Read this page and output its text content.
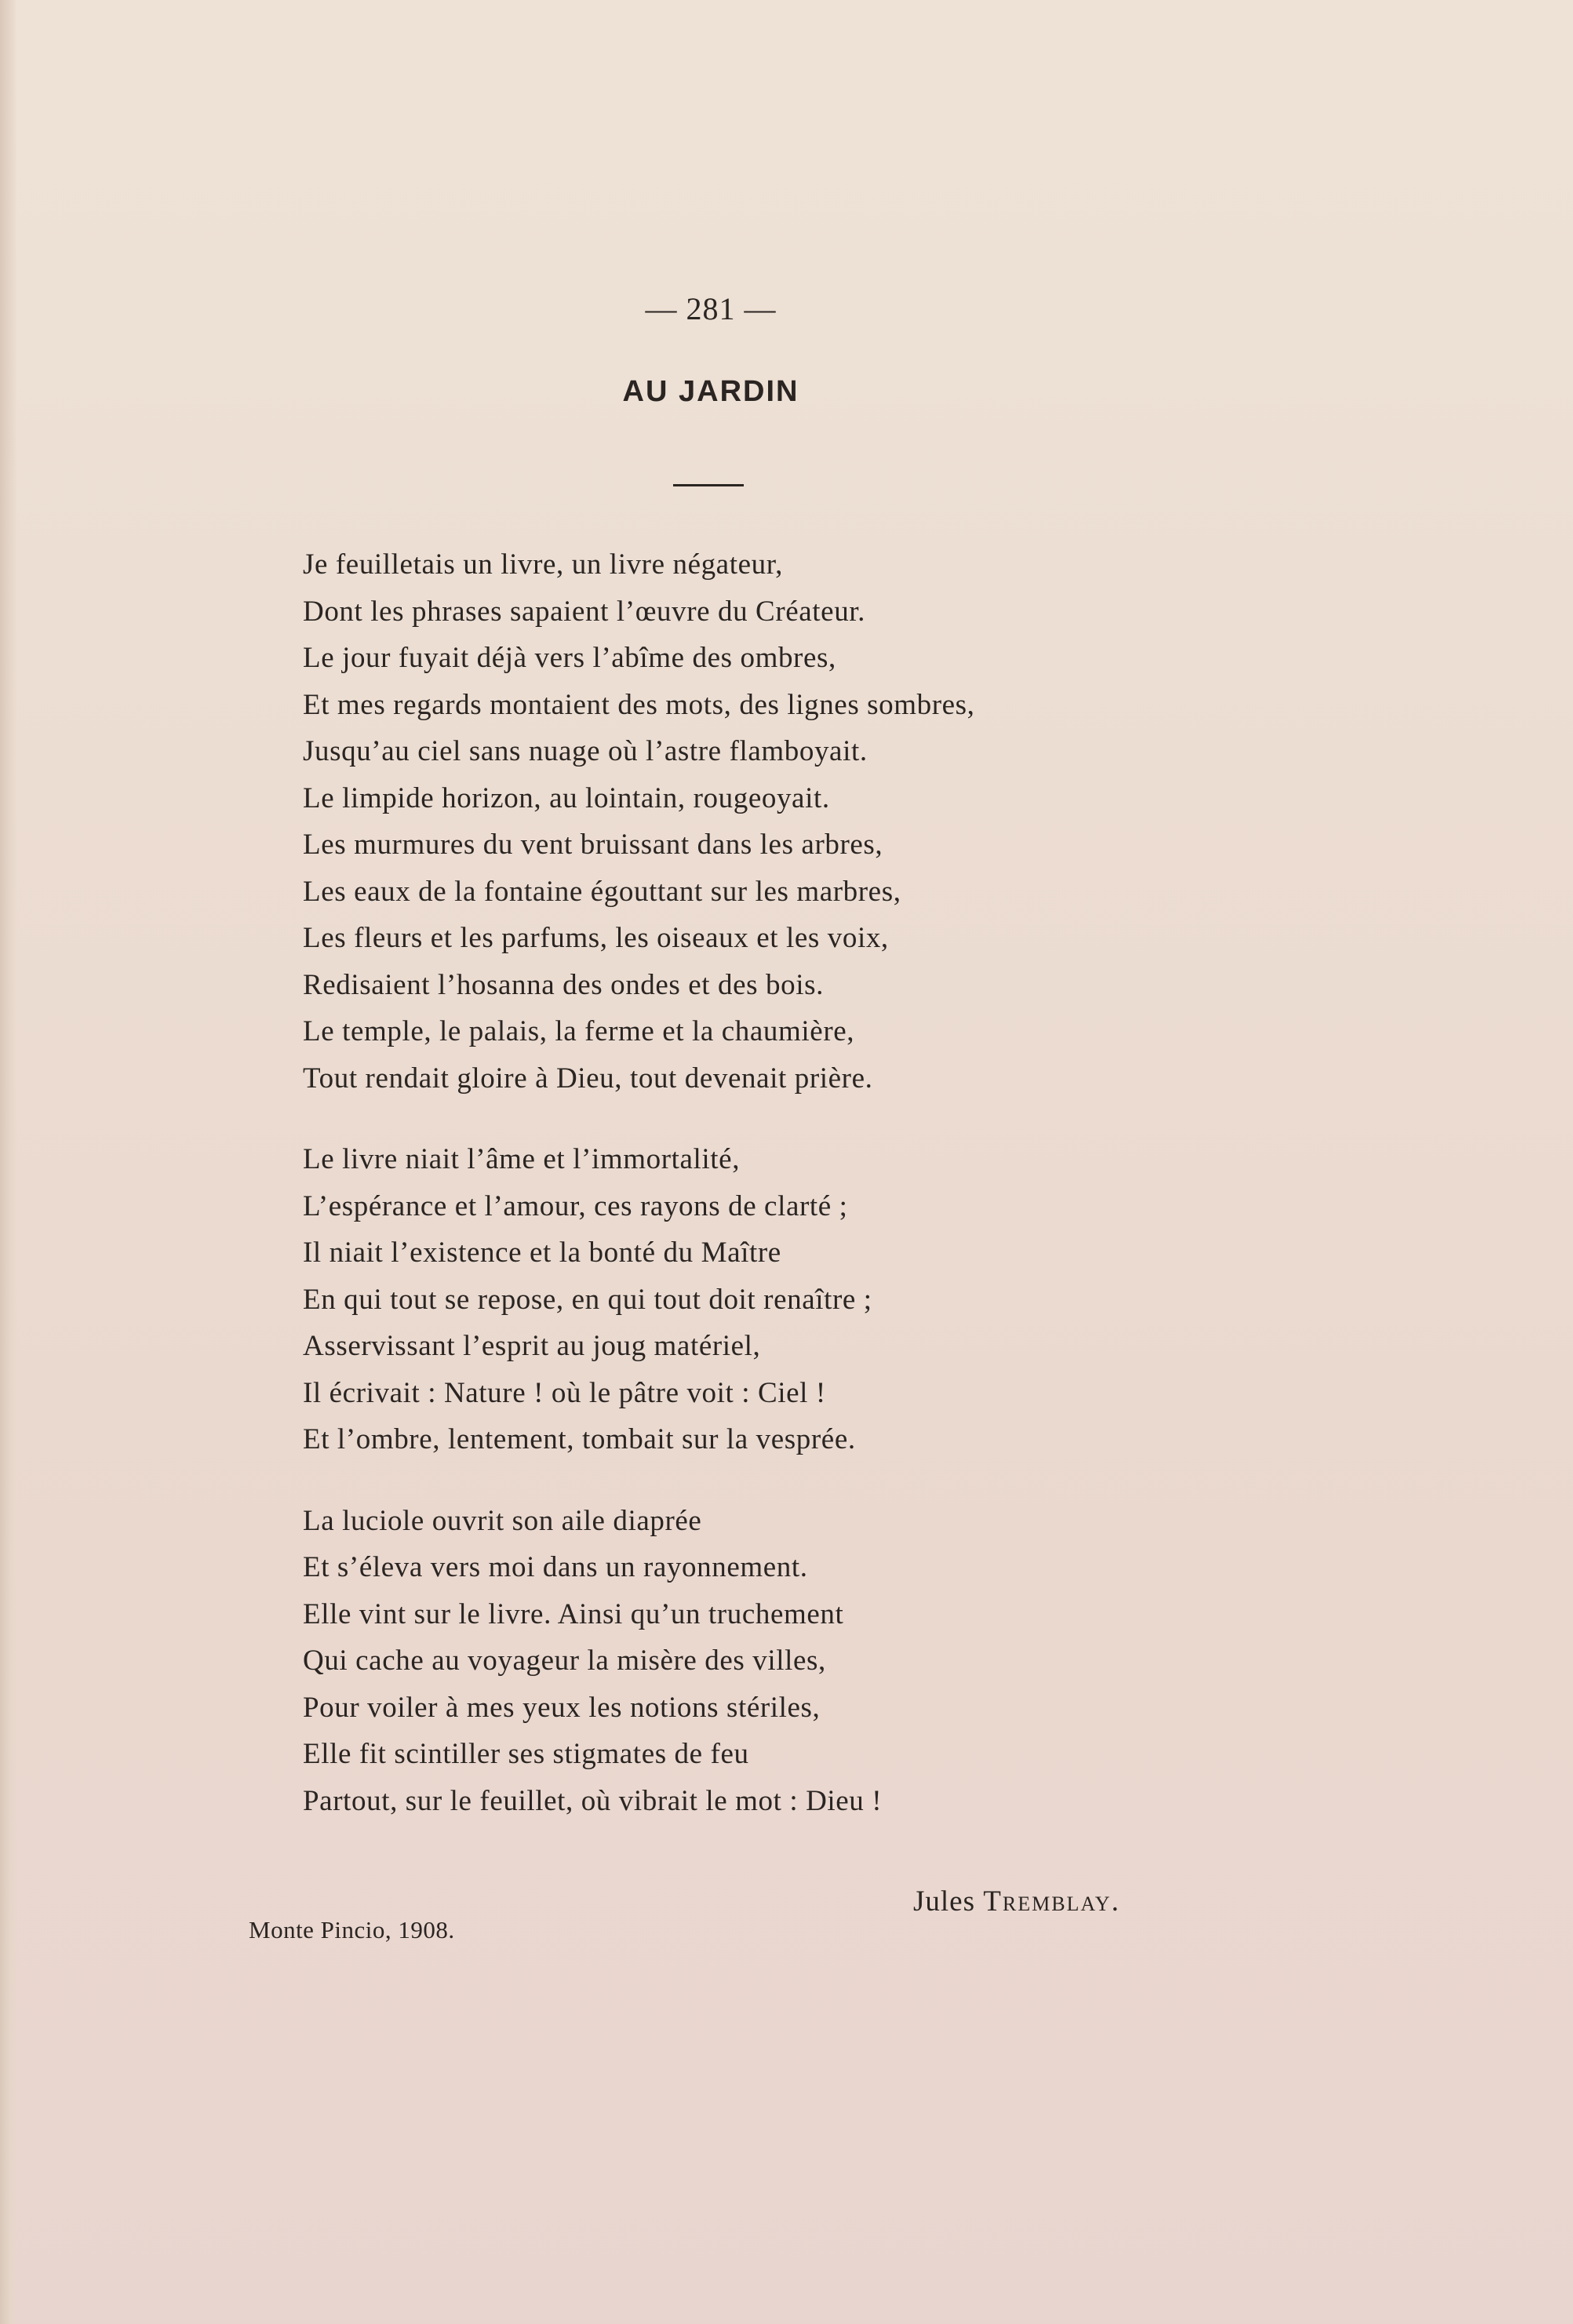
— 281 —
AU JARDIN
Je feuilletais un livre, un livre négateur,
Dont les phrases sapaient l’œuvre du Créateur.
Le jour fuyait déjà vers l’abîme des ombres,
Et mes regards montaient des mots, des lignes sombres,
Jusqu’au ciel sans nuage où l’astre flamboyait.
Le limpide horizon, au lointain, rougeoyait.
Les murmures du vent bruissant dans les arbres,
Les eaux de la fontaine égouttant sur les marbres,
Les fleurs et les parfums, les oiseaux et les voix,
Redisaient l’hosanna des ondes et des bois.
Le temple, le palais, la ferme et la chaumière,
Tout rendait gloire à Dieu, tout devenait prière.
Le livre niait l’âme et l’immortalité,
L’espérance et l’amour, ces rayons de clarté ;
Il niait l’existence et la bonté du Maître
En qui tout se repose, en qui tout doit renaître ;
Asservissant l’esprit au joug matériel,
Il écrivait : Nature ! où le pâtre voit : Ciel !
Et l’ombre, lentement, tombait sur la vesprée.
La luciole ouvrit son aile diaprée
Et s’éleva vers moi dans un rayonnement.
Elle vint sur le livre. Ainsi qu’un truchement
Qui cache au voyageur la misère des villes,
Pour voiler à mes yeux les notions stériles,
Elle fit scintiller ses stigmates de feu
Partout, sur le feuillet, où vibrait le mot : Dieu !
Jules Tremblay.
Monte Pincio, 1908.
